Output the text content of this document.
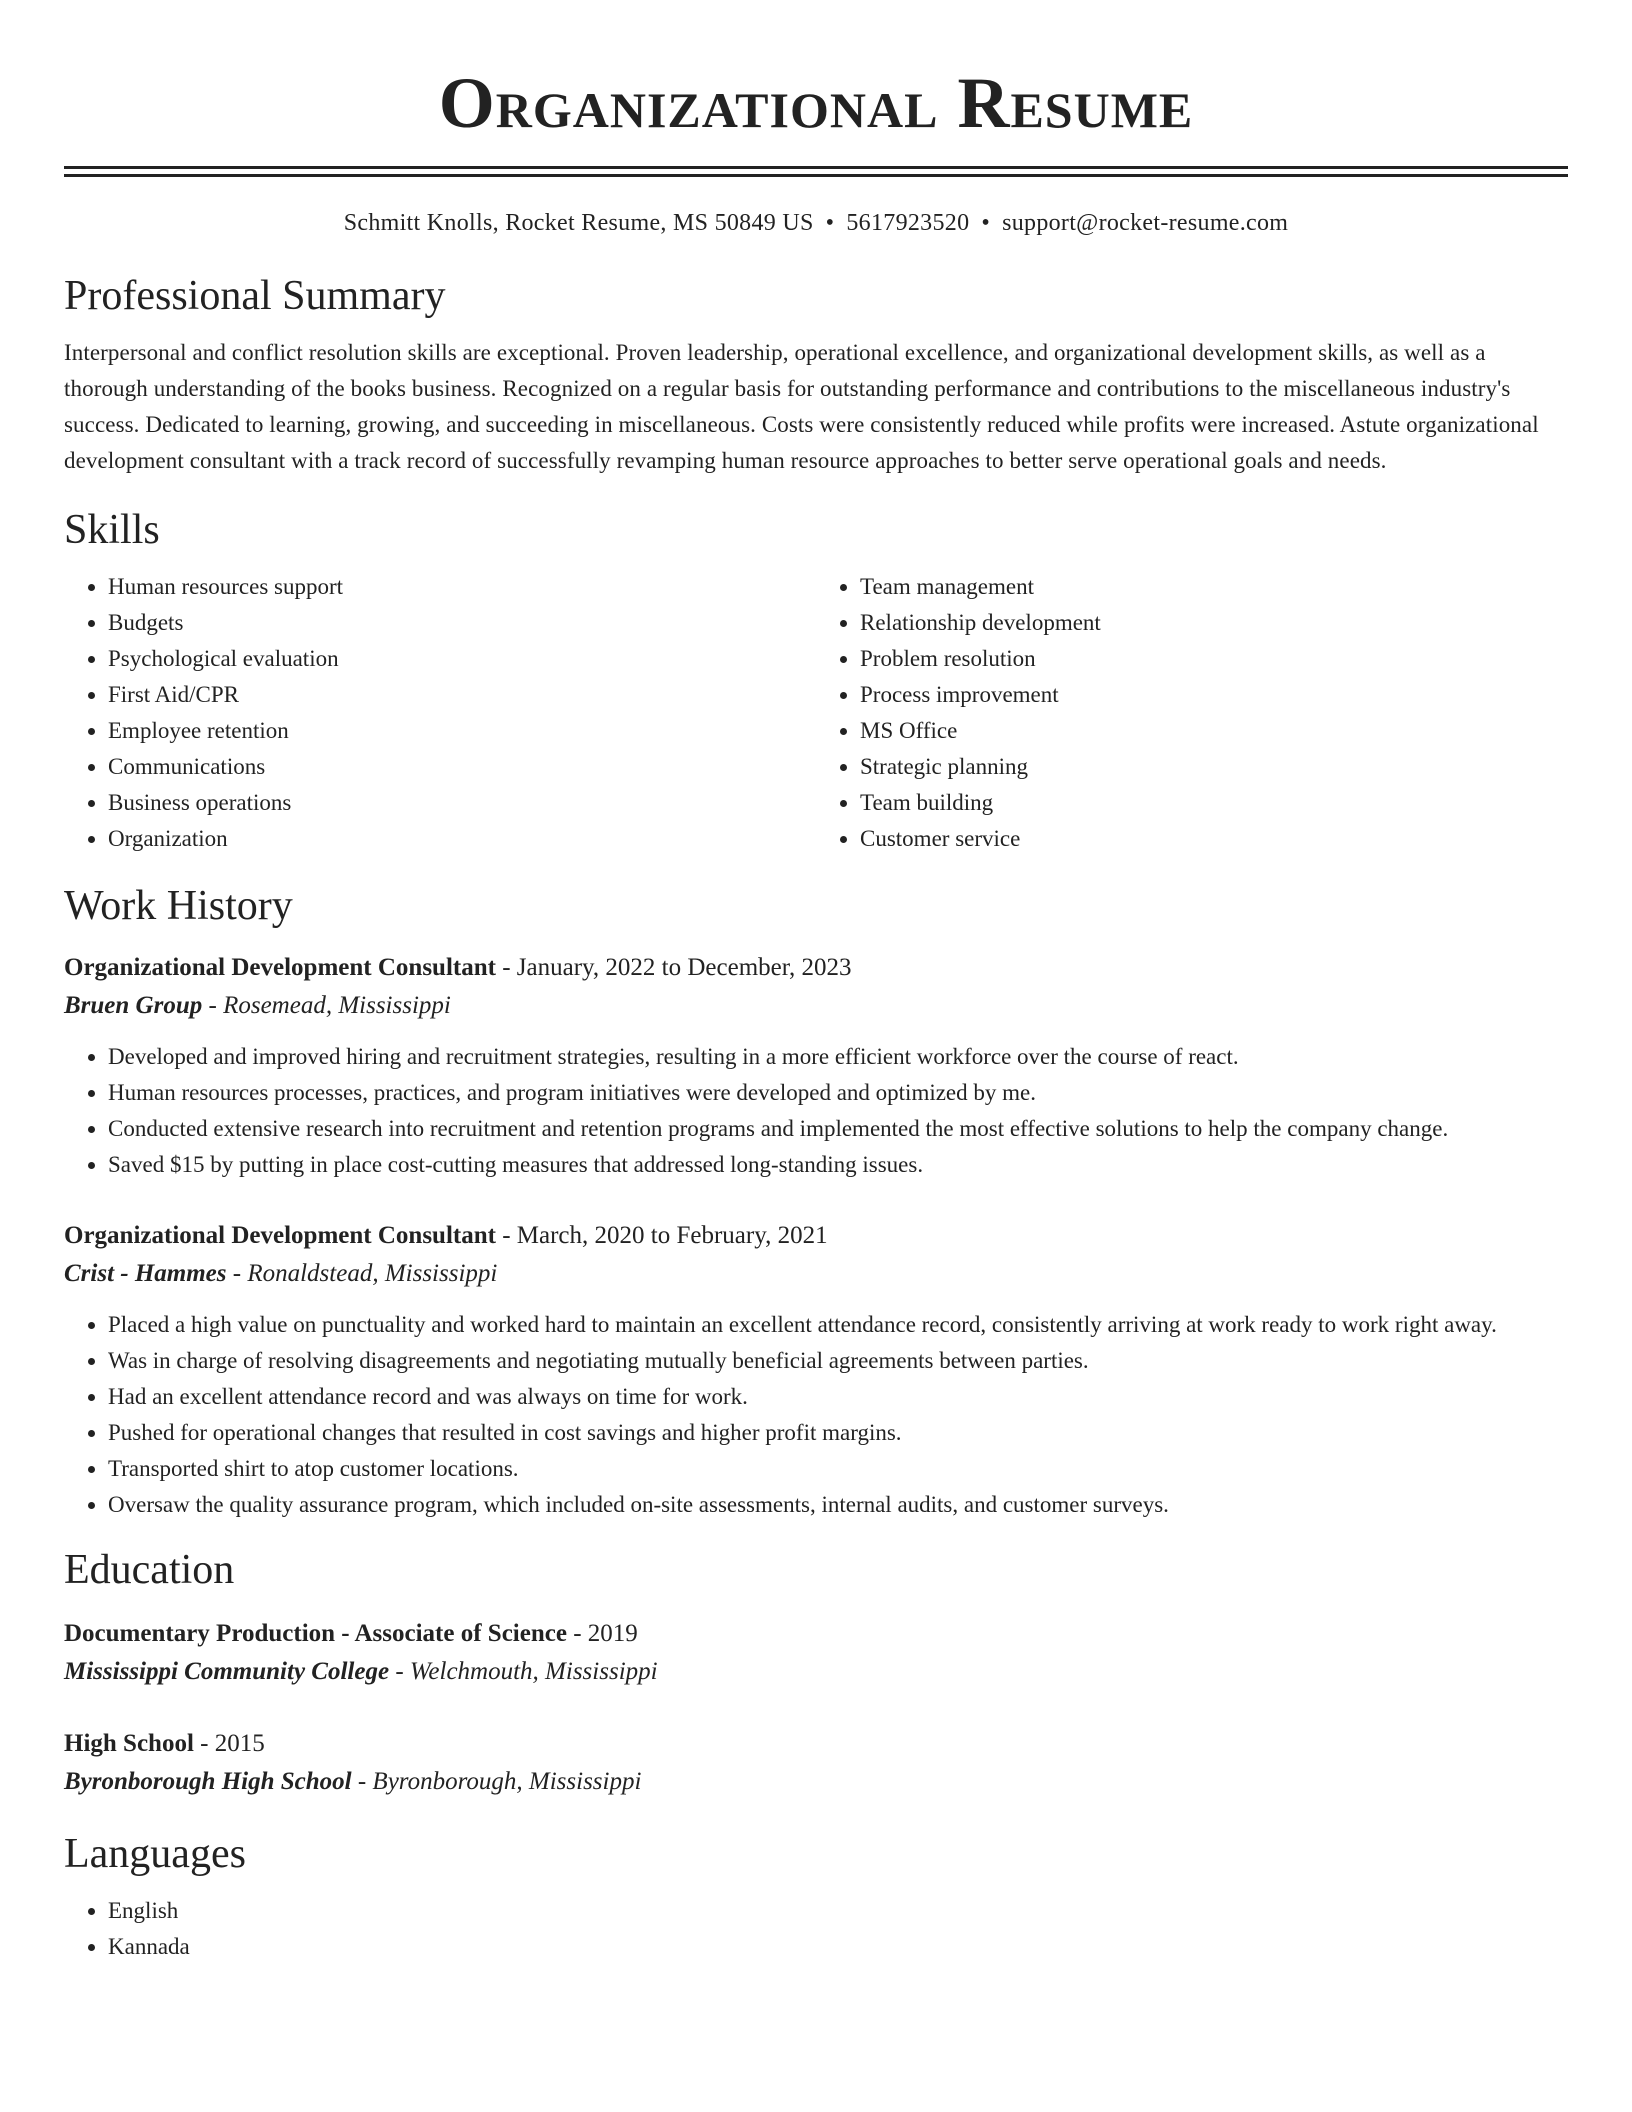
Organizational Resume
Schmitt Knolls, Rocket Resume, MS 50849 US • 5617923520 • support@rocket-resume.com
Professional Summary
Interpersonal and conflict resolution skills are exceptional. Proven leadership, operational excellence, and organizational development skills, as well as a thorough understanding of the books business. Recognized on a regular basis for outstanding performance and contributions to the miscellaneous industry's success. Dedicated to learning, growing, and succeeding in miscellaneous. Costs were consistently reduced while profits were increased. Astute organizational development consultant with a track record of successfully revamping human resource approaches to better serve operational goals and needs.
Skills
• Human resources support
• Budgets
• Psychological evaluation
• First Aid/CPR
• Employee retention
• Communications
• Business operations
• Organization
• Team management
• Relationship development
• Problem resolution
• Process improvement
• MS Office
• Strategic planning
• Team building
• Customer service
Work History
Organizational Development Consultant - January, 2022 to December, 2023
Bruen Group - Rosemead, Mississippi
• Developed and improved hiring and recruitment strategies, resulting in a more efficient workforce over the course of react.
• Human resources processes, practices, and program initiatives were developed and optimized by me.
• Conducted extensive research into recruitment and retention programs and implemented the most effective solutions to help the company change.
• Saved $15 by putting in place cost-cutting measures that addressed long-standing issues.
Organizational Development Consultant - March, 2020 to February, 2021
Crist - Hammes - Ronaldstead, Mississippi
• Placed a high value on punctuality and worked hard to maintain an excellent attendance record, consistently arriving at work ready to work right away.
• Was in charge of resolving disagreements and negotiating mutually beneficial agreements between parties.
• Had an excellent attendance record and was always on time for work.
• Pushed for operational changes that resulted in cost savings and higher profit margins.
• Transported shirt to atop customer locations.
• Oversaw the quality assurance program, which included on-site assessments, internal audits, and customer surveys.
Education
Documentary Production - Associate of Science - 2019
Mississippi Community College - Welchmouth, Mississippi
High School - 2015
Byronborough High School - Byronborough, Mississippi
Languages
• English
• Kannada
